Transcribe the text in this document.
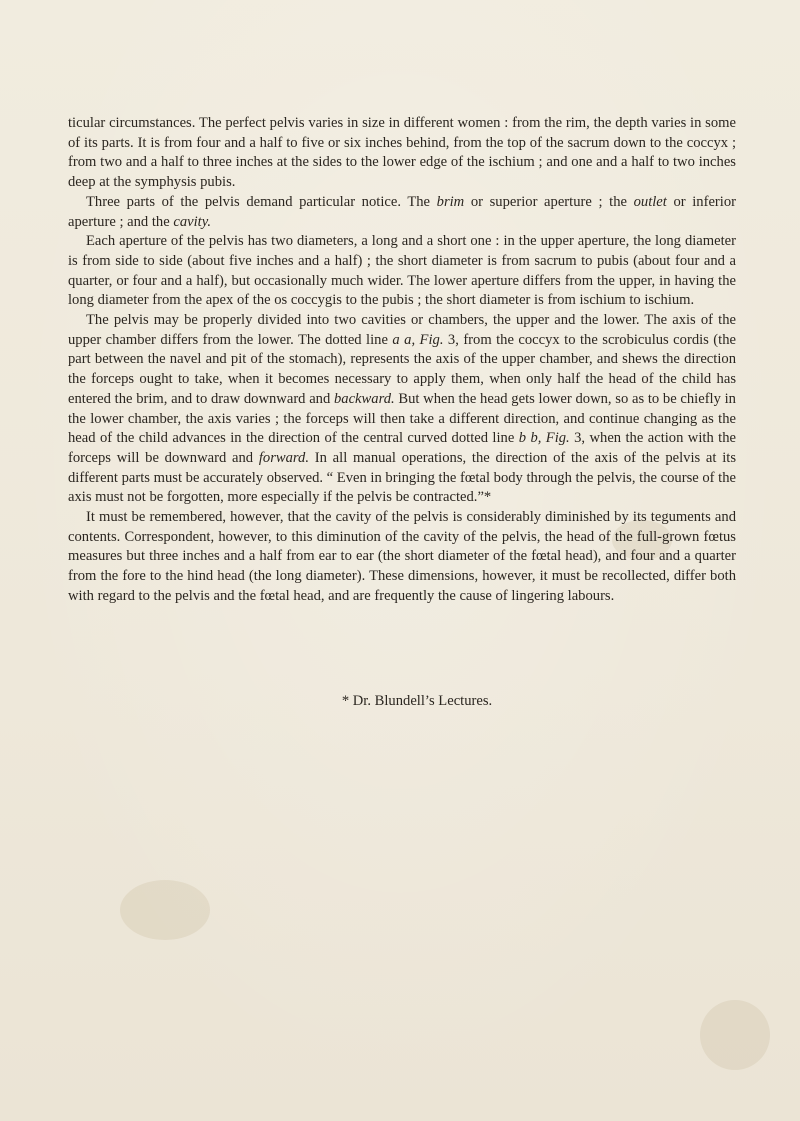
ticular circumstances. The perfect pelvis varies in size in different women : from the rim, the depth varies in some of its parts. It is from four and a half to five or six inches behind, from the top of the sacrum down to the coccyx ; from two and a half to three inches at the sides to the lower edge of the ischium ; and one and a half to two inches deep at the symphysis pubis.

Three parts of the pelvis demand particular notice. The brim or superior aperture ; the outlet or inferior aperture ; and the cavity.

Each aperture of the pelvis has two diameters, a long and a short one : in the upper aperture, the long diameter is from side to side (about five inches and a half) ; the short diameter is from sacrum to pubis (about four and a quarter, or four and a half), but occasionally much wider. The lower aperture differs from the upper, in having the long diameter from the apex of the os coccygis to the pubis ; the short diameter is from ischium to ischium.

The pelvis may be properly divided into two cavities or chambers, the upper and the lower. The axis of the upper chamber differs from the lower. The dotted line a a, Fig. 3, from the coccyx to the scrobiculus cordis (the part between the navel and pit of the stomach), represents the axis of the upper chamber, and shews the direction the forceps ought to take, when it becomes necessary to apply them, when only half the head of the child has entered the brim, and to draw downward and backward. But when the head gets lower down, so as to be chiefly in the lower chamber, the axis varies ; the forceps will then take a different direction, and continue changing as the head of the child advances in the direction of the central curved dotted line b b, Fig. 3, when the action with the forceps will be downward and forward. In all manual operations, the direction of the axis of the pelvis at its different parts must be accurately observed. “ Even in bringing the fœtal body through the pelvis, the course of the axis must not be forgotten, more especially if the pelvis be contracted.”*

It must be remembered, however, that the cavity of the pelvis is considerably diminished by its teguments and contents. Correspondent, however, to this diminution of the cavity of the pelvis, the head of the full-grown fœtus measures but three inches and a half from ear to ear (the short diameter of the fœtal head), and four and a quarter from the fore to the hind head (the long diameter). These dimensions, however, it must be recollected, differ both with regard to the pelvis and the fœtal head, and are frequently the cause of lingering labours.

* Dr. Blundell’s Lectures.
